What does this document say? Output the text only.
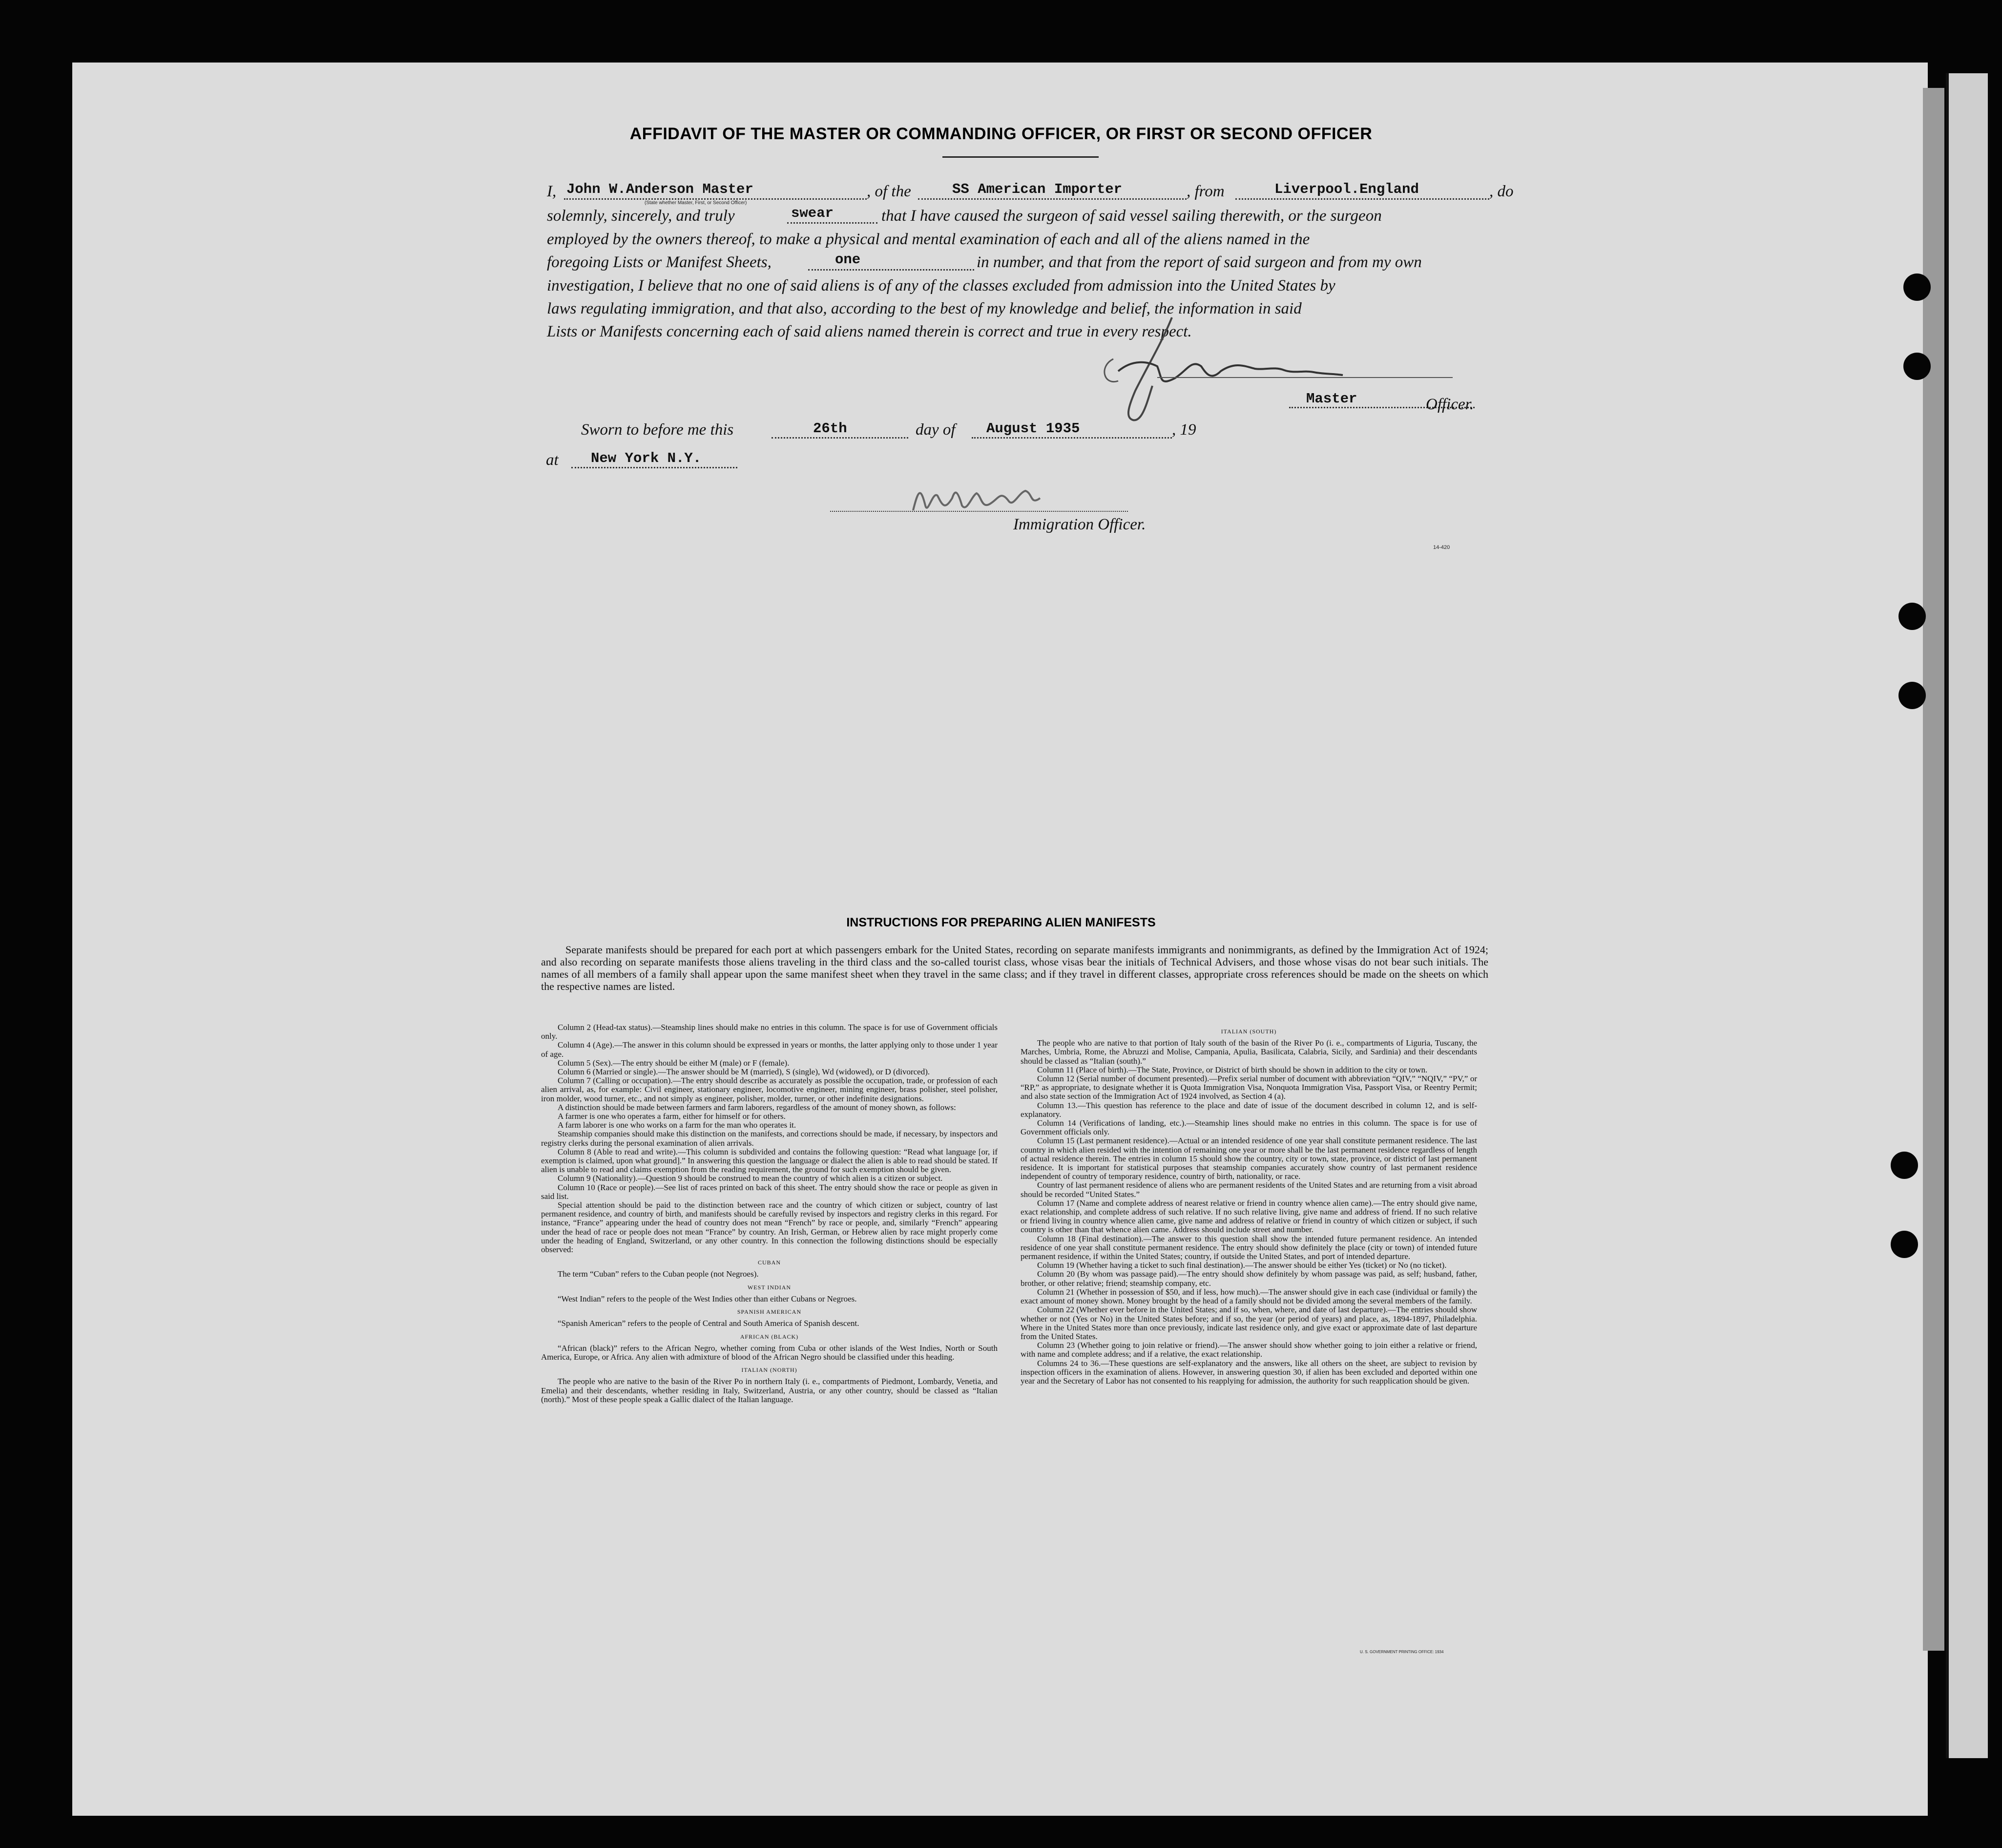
AFFIDAVIT OF THE MASTER OR COMMANDING OFFICER, OR FIRST OR SECOND OFFICER
I, John W.Anderson Master
(State whether Master, First, or Second Officer)
, of the	SS American Importer	, from	Liverpool.England	, do
solemnly, sincerely, and truly	swear	that I have caused the surgeon of said vessel sailing therewith, or the surgeon
employed by the owners thereof, to make a physical and mental examination of each and all of the aliens named in the
foregoing Lists or Manifest Sheets,	one	in number, and that from the report of said surgeon and from my own
investigation, I believe that no one of said aliens is of any of the classes excluded from admission into the United States by
laws regulating immigration, and that also, according to the best of my knowledge and belief, the information in said
Lists or Manifests concerning each of said aliens named therein is correct and true in every respect.
Master	Officer.
Sworn to before me this	26th	day of August 1935	, 19
at New York N.Y.
Immigration Officer.
14-420
INSTRUCTIONS FOR PREPARING ALIEN MANIFESTS
Separate manifests should be prepared for each port at which passengers embark for the United States, recording on separate manifests immigrants and nonimmigrants, as defined by the Immigration Act of 1924; and also recording on separate manifests those aliens traveling in the third class and the so-called tourist class, whose visas bear the initials of Technical Advisers, and those whose visas do not bear such initials. The names of all members of a family shall appear upon the same manifest sheet when they travel in the same class; and if they travel in different classes, appropriate cross references should be made on the sheets on which the respective names are listed.

Column 2 (Head-tax status).—Steamship lines should make no entries in this column. The space is for use of Government officials only.

Column 4 (Age).—The answer in this column should be expressed in years or months, the latter applying only to those under 1 year of age.

Column 5 (Sex).—The entry should be either M (male) or F (female).

Column 6 (Married or single).—The answer should be M (married), S (single), Wd (widowed), or D (divorced).

Column 7 (Calling or occupation).—The entry should describe as accurately as possible the occupation, trade, or profession of each alien arrival, as, for example: Civil engineer, stationary engineer, locomotive engineer, mining engineer, brass polisher, steel polisher, iron molder, wood turner, etc., and not simply as engineer, polisher, molder, turner, or other indefinite designations.

A distinction should be made between farmers and farm laborers, regardless of the amount of money shown, as follows:

A farmer is one who operates a farm, either for himself or for others.

A farm laborer is one who works on a farm for the man who operates it.

Steamship companies should make this distinction on the manifests, and corrections should be made, if necessary, by inspectors and registry clerks during the personal examination of alien arrivals.

Column 8 (Able to read and write).—This column is subdivided and contains the following question: “Read what language [or, if exemption is claimed, upon what ground].” In answering this question the language or dialect the alien is able to read should be stated. If alien is unable to read and claims exemption from the reading requirement, the ground for such exemption should be given.

Column 9 (Nationality).—Question 9 should be construed to mean the country of which alien is a citizen or subject.

Column 10 (Race or people).—See list of races printed on back of this sheet. The entry should show the race or people as given in said list.

Special attention should be paid to the distinction between race and the country of which citizen or subject, country of last permanent residence, and country of birth, and manifests should be carefully revised by inspectors and registry clerks in this regard. For instance, “France” appearing under the head of country does not mean “French” by race or people, and, similarly “French” appearing under the head of race or people does not mean “France” by country. An Irish, German, or Hebrew alien by race might properly come under the heading of England, Switzerland, or any other country. In this connection the following distinctions should be especially observed:

CUBAN

The term “Cuban” refers to the Cuban people (not Negroes).

WEST INDIAN

“West Indian” refers to the people of the West Indies other than either Cubans or Negroes.

SPANISH AMERICAN

“Spanish American” refers to the people of Central and South America of Spanish descent.

AFRICAN (BLACK)

“African (black)” refers to the African Negro, whether coming from Cuba or other islands of the West Indies, North or South America, Europe, or Africa. Any alien with admixture of blood of the African Negro should be classified under this heading.

ITALIAN (NORTH)

The people who are native to the basin of the River Po in northern Italy (i. e., compartments of Piedmont, Lombardy, Venetia, and Emelia) and their descendants, whether residing in Italy, Switzerland, Austria, or any other country, should be classed as “Italian (north).” Most of these people speak a Gallic dialect of the Italian language.

ITALIAN (SOUTH)

The people who are native to that portion of Italy south of the basin of the River Po (i. e., compartments of Liguria, Tuscany, the Marches, Umbria, Rome, the Abruzzi and Molise, Campania, Apulia, Basilicata, Calabria, Sicily, and Sardinia) and their descendants should be classed as “Italian (south).”

Column 11 (Place of birth).—The State, Province, or District of birth should be shown in addition to the city or town.

Column 12 (Serial number of document presented).—Prefix serial number of document with abbreviation “QIV,” “NQIV,” “PV,” or “RP,” as appropriate, to designate whether it is Quota Immigration Visa, Nonquota Immigration Visa, Passport Visa, or Reentry Permit; and also state section of the Immigration Act of 1924 involved, as Section 4 (a).

Column 13.—This question has reference to the place and date of issue of the document described in column 12, and is self-explanatory.

Column 14 (Verifications of landing, etc.).—Steamship lines should make no entries in this column. The space is for use of Government officials only.

Column 15 (Last permanent residence).—Actual or an intended residence of one year shall constitute permanent residence. The last country in which alien resided with the intention of remaining one year or more shall be the last permanent residence regardless of length of actual residence therein. The entries in column 15 should show the country, city or town, state, province, or district of last permanent residence. It is important for statistical purposes that steamship companies accurately show country of last permanent residence independent of country of temporary residence, country of birth, nationality, or race.

Country of last permanent residence of aliens who are permanent residents of the United States and are returning from a visit abroad should be recorded “United States.”

Column 17 (Name and complete address of nearest relative or friend in country whence alien came).—The entry should give name, exact relationship, and complete address of such relative. If no such relative living, give name and address of friend. If no such relative or friend living in country whence alien came, give name and address of relative or friend in country of which citizen or subject, if such country is other than that whence alien came. Address should include street and number.

Column 18 (Final destination).—The answer to this question shall show the intended future permanent residence. An intended residence of one year shall constitute permanent residence. The entry should show definitely the place (city or town) of intended future permanent residence, if within the United States; country, if outside the United States, and port of intended departure.

Column 19 (Whether having a ticket to such final destination).—The answer should be either Yes (ticket) or No (no ticket).

Column 20 (By whom was passage paid).—The entry should show definitely by whom passage was paid, as self; husband, father, brother, or other relative; friend; steamship company, etc.

Column 21 (Whether in possession of $50, and if less, how much).—The answer should give in each case (individual or family) the exact amount of money shown. Money brought by the head of a family should not be divided among the several members of the family.

Column 22 (Whether ever before in the United States; and if so, when, where, and date of last departure).—The entries should show whether or not (Yes or No) in the United States before; and if so, the year (or period of years) and place, as, 1894-1897, Philadelphia. Where in the United States more than once previously, indicate last residence only, and give exact or approximate date of last departure from the United States.

Column 23 (Whether going to join relative or friend).—The answer should show whether going to join either a relative or friend, with name and complete address; and if a relative, the exact relationship.

Columns 24 to 36.—These questions are self-explanatory and the answers, like all others on the sheet, are subject to revision by inspection officers in the examination of aliens. However, in answering question 30, if alien has been excluded and deported within one year and the Secretary of Labor has not consented to his reapplying for admission, the authority for such reapplication should be given.

U. S. GOVERNMENT PRINTING OFFICE: 1934
